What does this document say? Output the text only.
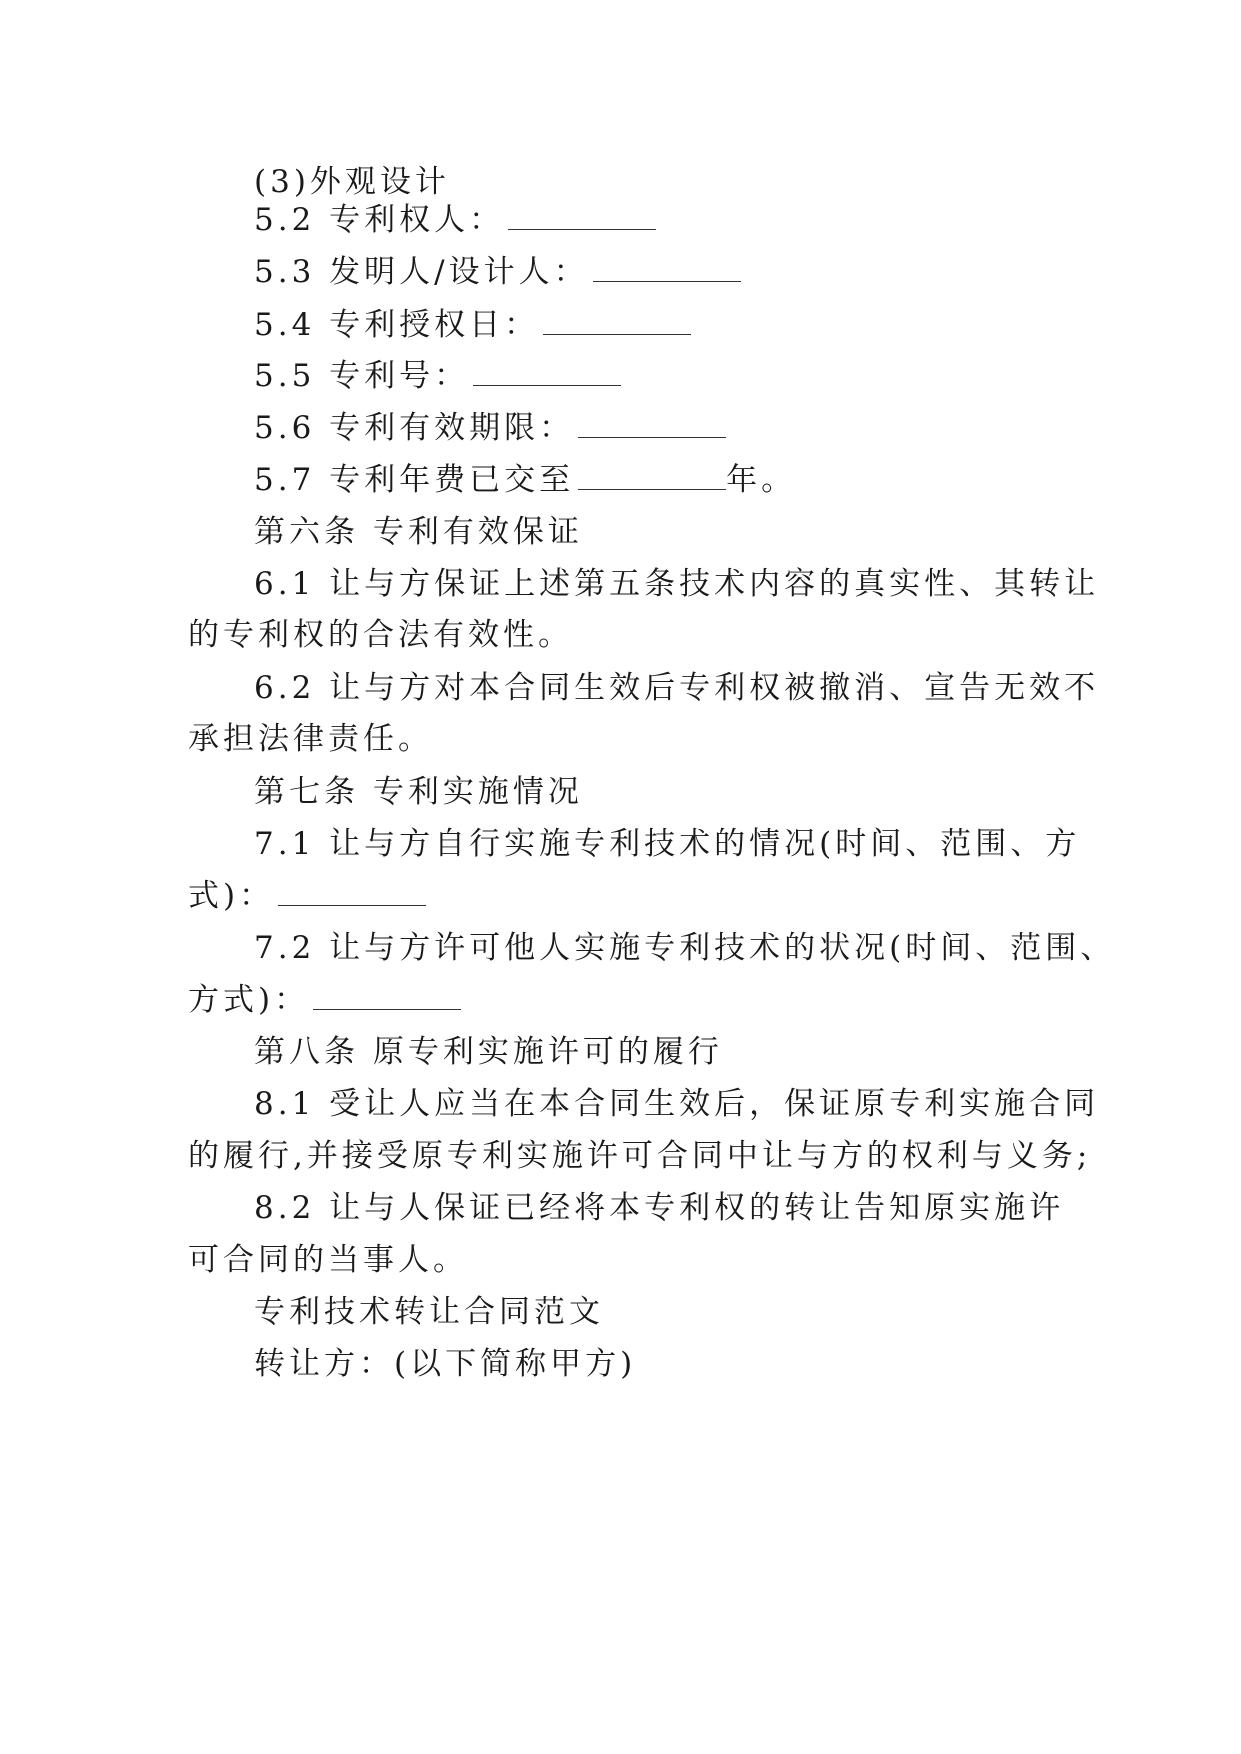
(3)外观设计
5.2 专利权人：
5.3 发明人/设计人：
5.4 专利授权日：
5.5 专利号：
5.6 专利有效期限：
5.7 专利年费已交至	年。
第六条 专利有效保证
6.1 让与方保证上述第五条技术内容的真实性、其转让
的专利权的合法有效性。
6.2 让与方对本合同生效后专利权被撤消、宣告无效不
承担法律责任。
第七条 专利实施情况
7.1 让与方自行实施专利技术的情况(时间、范围、方
式)：
7.2 让与方许可他人实施专利技术的状况(时间、范围、
方式)：
第八条 原专利实施许可的履行
8.1 受让人应当在本合同生效后，保证原专利实施合同
的履行,并接受原专利实施许可合同中让与方的权利与义务;
8.2 让与人保证已经将本专利权的转让告知原实施许
可合同的当事人。
专利技术转让合同范文
转让方：(以下简称甲方)
